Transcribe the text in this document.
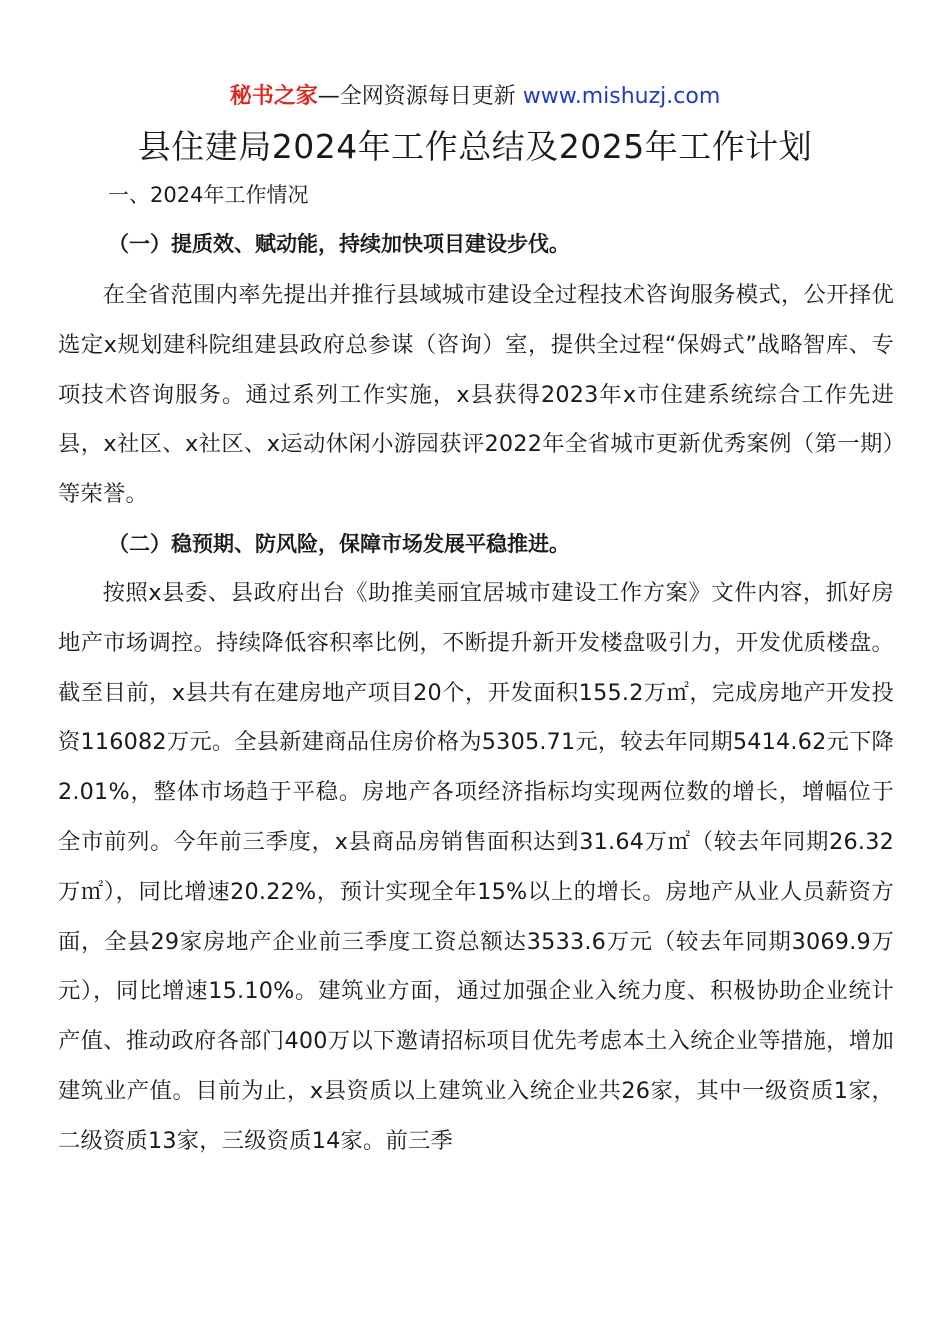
秘书之家—全网资源每日更新 www.mishuzj.com
县住建局2024年工作总结及2025年工作计划
一、2024年工作情况
（一）提质效、赋动能，持续加快项目建设步伐。

在全省范围内率先提出并推行县域城市建设全过程技术咨询服务模式，公开择优选定x规划建科院组建县政府总参谋（咨询）室，提供全过程“保姆式”战略智库、专项技术咨询服务。通过系列工作实施，x县获得2023年x市住建系统综合工作先进县，x社区、x社区、x运动休闲小游园获评2022年全省城市更新优秀案例（第一期）等荣誉。

（二）稳预期、防风险，保障市场发展平稳推进。

按照x县委、县政府出台《助推美丽宜居城市建设工作方案》文件内容，抓好房地产市场调控。持续降低容积率比例，不断提升新开发楼盘吸引力，开发优质楼盘。截至目前，x县共有在建房地产项目20个，开发面积155.2万㎡，完成房地产开发投资116082万元。全县新建商品住房价格为5305.71元，较去年同期5414.62元下降2.01%，整体市场趋于平稳。房地产各项经济指标均实现两位数的增长，增幅位于全市前列。今年前三季度，x县商品房销售面积达到31.64万㎡（较去年同期26.32万㎡），同比增速20.22%，预计实现全年15%以上的增长。房地产从业人员薪资方面，全县29家房地产企业前三季度工资总额达3533.6万元（较去年同期3069.9万元），同比增速15.10%。建筑业方面，通过加强企业入统力度、积极协助企业统计产值、推动政府各部门400万以下邀请招标项目优先考虑本土入统企业等措施，增加建筑业产值。目前为止，x县资质以上建筑业入统企业共26家，其中一级资质1家，二级资质13家，三级资质14家。前三季
